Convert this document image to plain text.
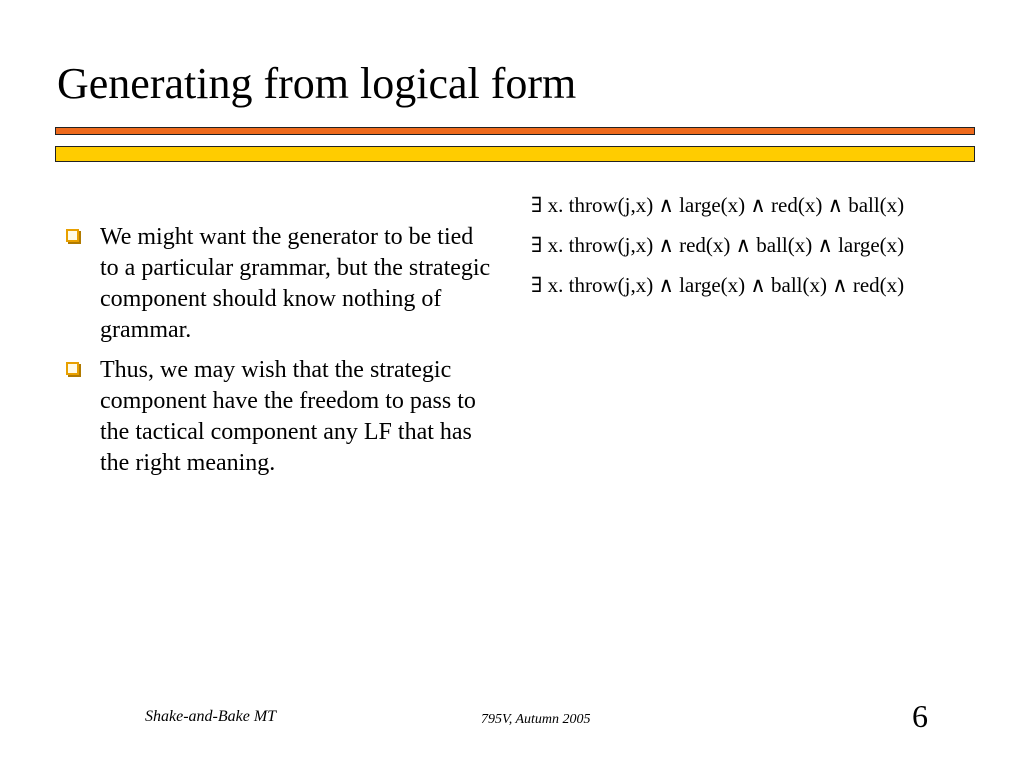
Generating from logical form
We might want the generator to be tied to a particular grammar, but the strategic component should know nothing of grammar.
Thus, we may wish that the strategic component have the freedom to pass to the tactical component any LF that has the right meaning.
∃ x. throw(j,x) ∧ large(x) ∧ red(x) ∧ ball(x)
∃ x. throw(j,x) ∧ red(x) ∧ ball(x) ∧ large(x)
∃ x. throw(j,x) ∧ large(x) ∧ ball(x) ∧ red(x)
Shake-and-Bake MT	795V, Autumn 2005	6
